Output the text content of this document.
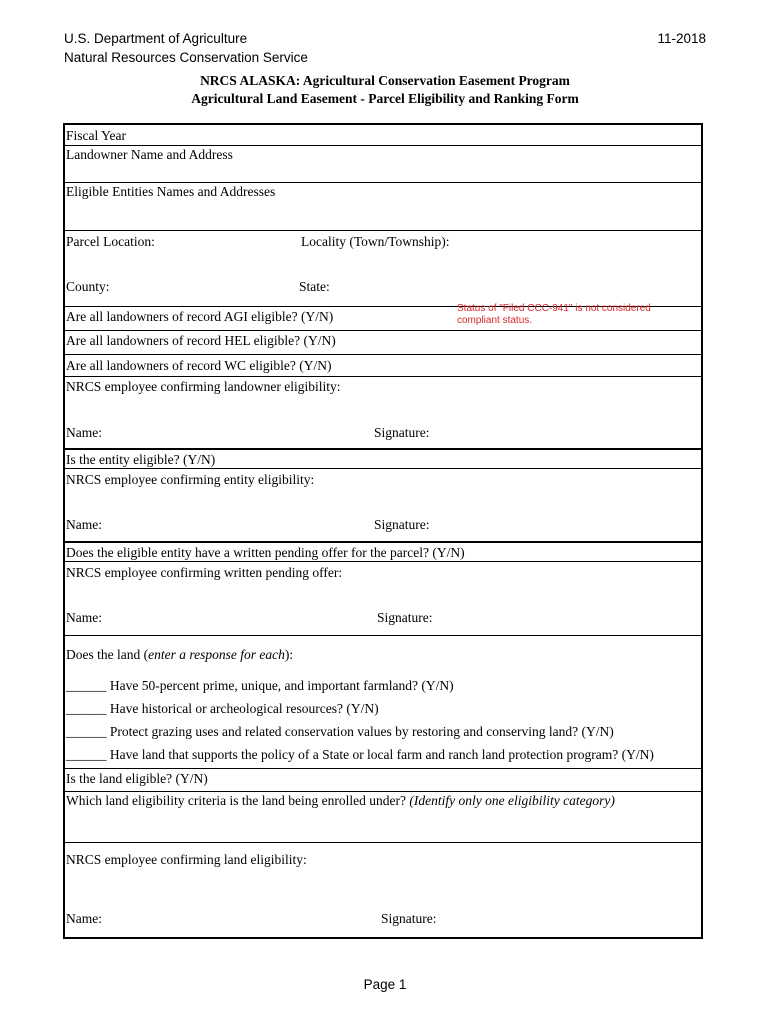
U.S. Department of Agriculture
Natural Resources Conservation Service
11-2018
NRCS ALASKA: Agricultural Conservation Easement Program
Agricultural Land Easement - Parcel Eligibility and Ranking Form
Fiscal Year
Landowner Name and Address
Eligible Entities Names and Addresses
Parcel Location:	Locality (Town/Township):
County:	State:
Are all landowners of record AGI eligible? (Y/N)
Status of "Filed CCC-941" is not considered compliant status.
Are all landowners of record HEL eligible? (Y/N)
Are all landowners of record WC eligible? (Y/N)
NRCS employee confirming landowner eligibility:
Name:	Signature:
Is the entity eligible? (Y/N)
NRCS employee confirming entity eligibility:
Name:	Signature:
Does the eligible entity have a written pending offer for the parcel? (Y/N)
NRCS employee confirming written pending offer:
Name:	Signature:
Does the land (enter a response for each):
______ Have 50-percent prime, unique, and important farmland? (Y/N)
______ Have historical or archeological resources? (Y/N)
______ Protect grazing uses and related conservation values by restoring and conserving land? (Y/N)
______ Have land that supports the policy of a State or local farm and ranch land protection program? (Y/N)
Is the land eligible? (Y/N)
Which land eligibility criteria is the land being enrolled under? (Identify only one eligibility category)
NRCS employee confirming land eligibility:
Name:	Signature:
Page 1
